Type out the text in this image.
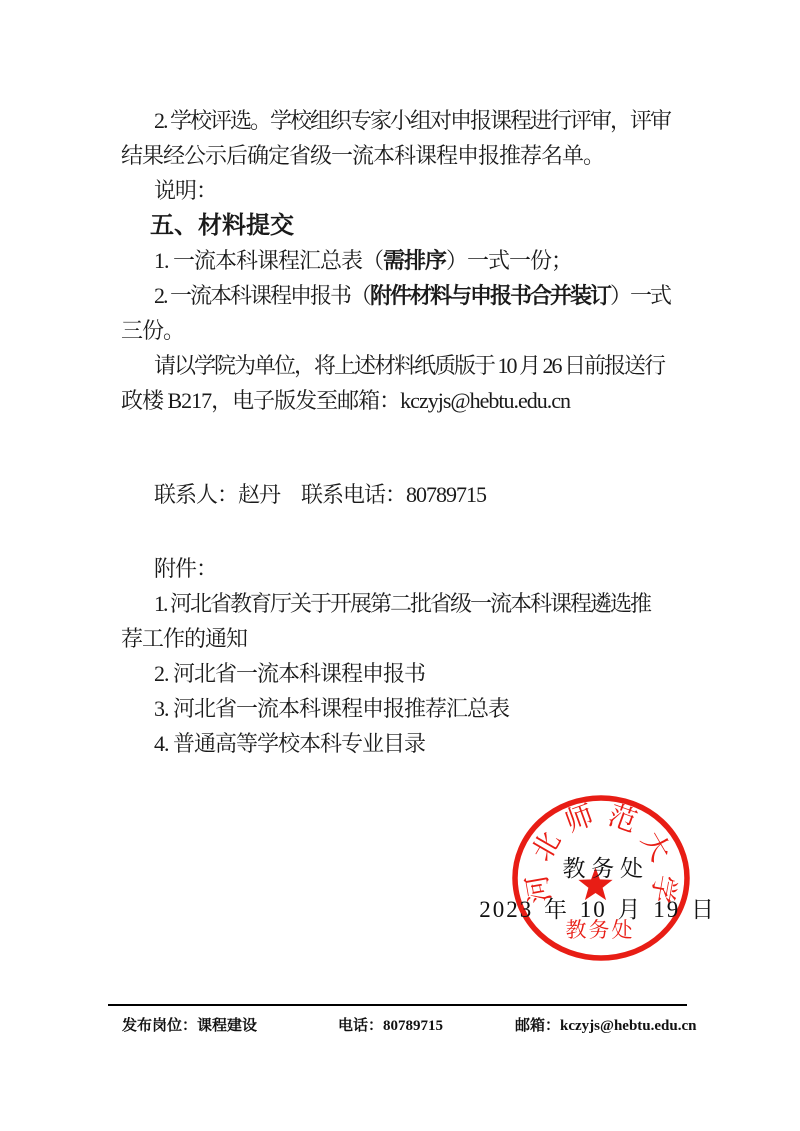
2. 学校评选。学校组织专家小组对申报课程进行评审，评审
结果经公示后确定省级一流本科课程申报推荐名单。
说明：
五、材料提交
1. 一流本科课程汇总表（需排序）一式一份；
2. 一流本科课程申报书（附件材料与申报书合并装订）一式
三份。
请以学院为单位，将上述材料纸质版于 10 月 26 日前报送行
政楼 B217，电子版发至邮箱：kczyjs@hebtu.edu.cn
联系人：赵丹　联系电话：80789715
附件：
1. 河北省教育厅关于开展第二批省级一流本科课程遴选推
荐工作的通知
2. 河北省一流本科课程申报书
3. 河北省一流本科课程申报推荐汇总表
4. 普通高等学校本科专业目录
教 务 处
2023 年 10 月 19 日
河
北
师 范
大
学
教务处
发布岗位：课程建设	电话：80789715	邮箱：kczyjs@hebtu.edu.cn
